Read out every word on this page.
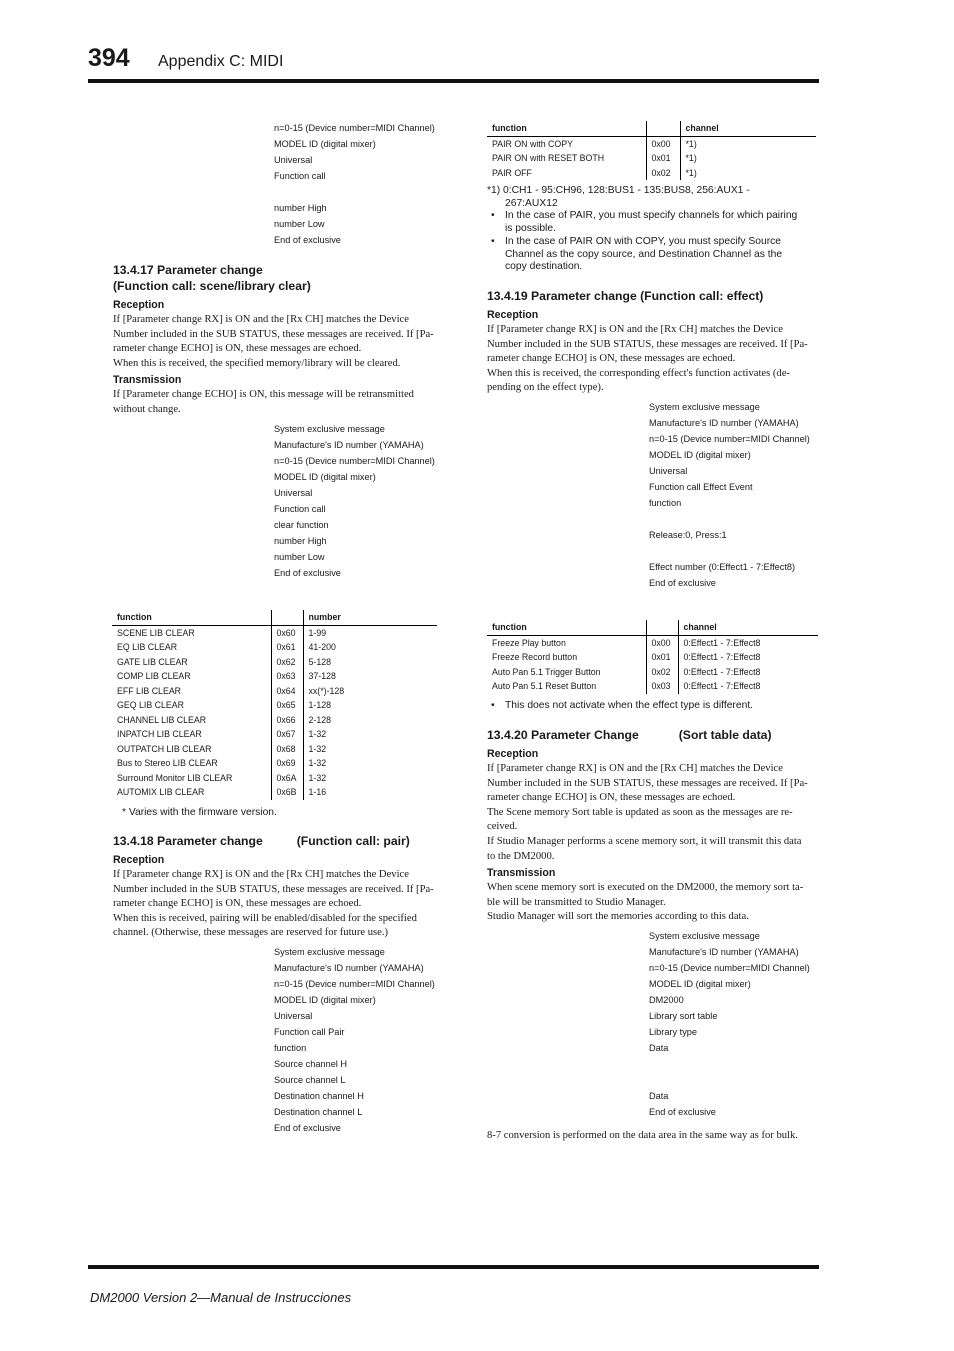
394 Appendix C: MIDI
n=0-15 (Device number=MIDI Channel)
MODEL ID (digital mixer)
Universal
Function call
number High
number Low
End of exclusive
13.4.17 Parameter change
(Function call: scene/library clear)
Reception
If [Parameter change RX] is ON and the [Rx CH] matches the Device
Number included in the SUB STATUS, these messages are received. If [Pa-
rameter change ECHO] is ON, these messages are echoed.
When this is received, the specified memory/library will be cleared.
Transmission
If [Parameter change ECHO] is ON, this message will be retransmitted
without change.
System exclusive message
Manufacture's ID number (YAMAHA)
n=0-15 (Device number=MIDI Channel)
MODEL ID (digital mixer)
Universal
Function call
clear function
number High
number Low
End of exclusive
function		number
SCENE LIB CLEAR	0x60	1-99
EQ LIB CLEAR	0x61	41-200
GATE LIB CLEAR	0x62	5-128
COMP LIB CLEAR	0x63	37-128
EFF LIB CLEAR	0x64	xx(*)-128
GEQ LIB CLEAR	0x65	1-128
CHANNEL LIB CLEAR	0x66	2-128
INPATCH LIB CLEAR	0x67	1-32
OUTPATCH LIB CLEAR	0x68	1-32
Bus to Stereo LIB CLEAR	0x69	1-32
Surround Monitor LIB CLEAR	0x6A	1-32
AUTOMIX LIB CLEAR	0x6B	1-16
* Varies with the firmware version.
13.4.18 Parameter change	(Function call: pair)
Reception
If [Parameter change RX] is ON and the [Rx CH] matches the Device
Number included in the SUB STATUS, these messages are received. If [Pa-
rameter change ECHO] is ON, these messages are echoed.
When this is received, pairing will be enabled/disabled for the specified
channel. (Otherwise, these messages are reserved for future use.)
System exclusive message
Manufacture's ID number (YAMAHA)
n=0-15 (Device number=MIDI Channel)
MODEL ID (digital mixer)
Universal
Function call Pair
function
Source channel H
Source channel L
Destination channel H
Destination channel L
End of exclusive
function		channel
PAIR ON with COPY	0x00	*1)
PAIR ON with RESET BOTH	0x01	*1)
PAIR OFF	0x02	*1)
*1) 0:CH1 - 95:CH96, 128:BUS1 - 135:BUS8, 256:AUX1 -
267:AUX12
• In the case of PAIR, you must specify channels for which pairing
is possible.
• In the case of PAIR ON with COPY, you must specify Source
Channel as the copy source, and Destination Channel as the
copy destination.
13.4.19 Parameter change (Function call: effect)
Reception
If [Parameter change RX] is ON and the [Rx CH] matches the Device
Number included in the SUB STATUS, these messages are received. If [Pa-
rameter change ECHO] is ON, these messages are echoed.
When this is received, the corresponding effect's function activates (de-
pending on the effect type).
System exclusive message
Manufacture's ID number (YAMAHA)
n=0-15 (Device number=MIDI Channel)
MODEL ID (digital mixer)
Universal
Function call Effect Event
function
Release:0, Press:1
Effect number (0:Effect1 - 7:Effect8)
End of exclusive
function		channel
Freeze Play button	0x00	0:Effect1 - 7:Effect8
Freeze Record button	0x01	0:Effect1 - 7:Effect8
Auto Pan 5.1 Trigger Button	0x02	0:Effect1 - 7:Effect8
Auto Pan 5.1 Reset Button	0x03	0:Effect1 - 7:Effect8
• This does not activate when the effect type is different.
13.4.20 Parameter Change	(Sort table data)
Reception
If [Parameter change RX] is ON and the [Rx CH] matches the Device
Number included in the SUB STATUS, these messages are received. If [Pa-
rameter change ECHO] is ON, these messages are echoed.
The Scene memory Sort table is updated as soon as the messages are re-
ceived.
If Studio Manager performs a scene memory sort, it will transmit this data
to the DM2000.
Transmission
When scene memory sort is executed on the DM2000, the memory sort ta-
ble will be transmitted to Studio Manager.
Studio Manager will sort the memories according to this data.
System exclusive message
Manufacture's ID number (YAMAHA)
n=0-15 (Device number=MIDI Channel)
MODEL ID (digital mixer)
DM2000
Library sort table
Library type
Data
Data
End of exclusive
8-7 conversion is performed on the data area in the same way as for bulk.
DM2000 Version 2—Manual de Instrucciones
